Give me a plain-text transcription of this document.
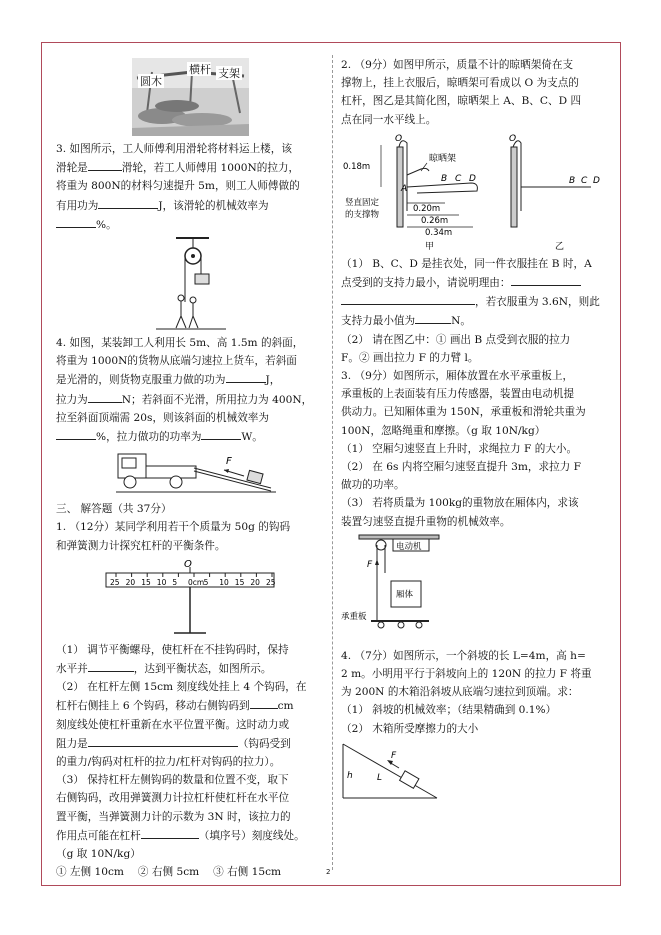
横杆 支架
圆木

3. 如图所示，工人师傅利用滑轮将材料运上楼，该

滑轮是	滑轮，若工人师傅用 1000N的拉力，

将重为 800N的材料匀速提升 5m，则工人师傅做的

有用功为	J，该滑轮的机械效率为

%。

4. 如图，某装卸工人利用长 5m、高 1.5m 的斜面，

将重为 1000N的货物从底端匀速拉上货车，若斜面

是光滑的，则货物克服重力做的功为	J，

拉力为	N；若斜面不光滑，所用拉力为 400N，

拉至斜面顶端需 20s，则该斜面的机械效率为

%，拉力做功的功率为	W。

F

三、 解答题（共 37分）

1. （12分）某同学利用若干个质量为 50g 的钩码

和弹簧测力计探究杠杆的平衡条件。

O
25 20 15 10 5 0cm 5 10 15 20 25

（1） 调节平衡螺母，使杠杆在不挂钩码时，保持

水平并	，达到平衡状态，如图所示。

（2） 在杠杆左侧 15cm 刻度线处挂上 4 个钩码，在

杠杆右侧挂上 6 个钩码，移动右侧钩码到	cm

刻度线处使杠杆重新在水平位置平衡。这时动力或

阻力是	（钩码受到

的重力/钩码对杠杆的拉力/杠杆对钩码的拉力）。

（3） 保持杠杆左侧钩码的数量和位置不变，取下

右侧钩码，改用弹簧测力计拉杠杆使杠杆在水平位

置平衡，当弹簧测力计的示数为 3N 时，该拉力的

作用点可能在杠杆	（填序号）刻度线处。

（g 取 10N/kg）

① 左侧 10cm　 ② 右侧 5cm　 ③ 右侧 15cm

2. （9分）如图甲所示，质量不计的晾晒架倚在支

撑物上，挂上衣服后，晾晒架可看成以 O 为支点的

杠杆，图乙是其简化图，晾晒架上 A、B、C、D 四

点在同一水平线上。

O
A
晾晒架
B C D
0.18m
0.20m
0.26m
0.34m
竖直固定
的支撑物
甲
O
B C D
乙

（1） B、C、D 是挂衣处，同一件衣服挂在 B 时，A

点受到的支持力最小，请说明理由：

，若衣服重为 3.6N，则此

支持力最小值为	N。

（2） 请在图乙中：① 画出 B 点受到衣服的拉力

F。② 画出拉力 F 的力臂 l。

3. （9分）如图所示，厢体放置在水平承重板上，

承重板的上表面装有压力传感器，装置由电动机提

供动力。已知厢体重为 150N，承重板和滑轮共重为

100N，忽略绳重和摩擦。（g 取 10N/kg）

（1） 空厢匀速竖直上升时，求绳拉力 F 的大小。

（2） 在 6s 内将空厢匀速竖直提升 3m，求拉力 F

做功的功率。

（3） 若将质量为 100kg的重物放在厢体内，求该

装置匀速竖直提升重物的机械效率。

电动机
F
厢体
承重板

4. （7分）如图所示，一个斜坡的长 L=4m，高 h=

2 m。小明用平行于斜坡向上的 120N 的拉力 F 将重

为 200N 的木箱沿斜坡从底端匀速拉到顶端。求：

（1） 斜坡的机械效率；（结果精确到 0.1%）

（2） 木箱所受摩擦力的大小

h	L
F
2
